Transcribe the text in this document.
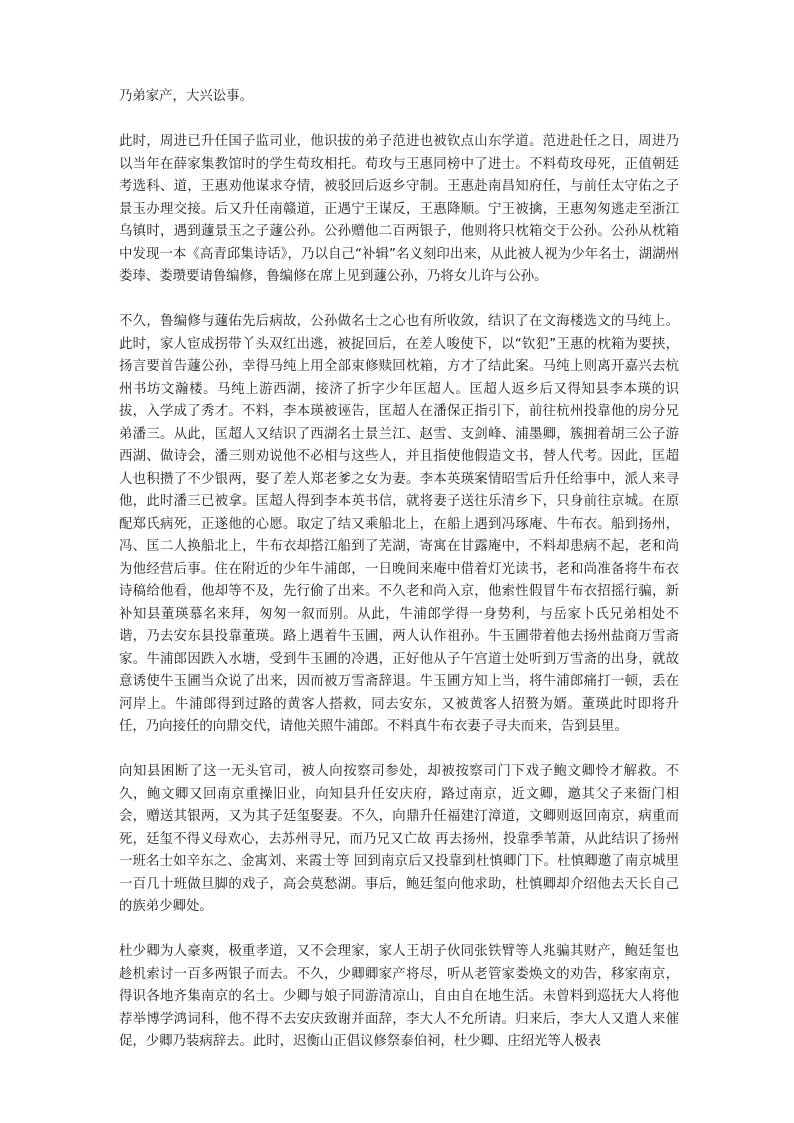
乃弟家产，大兴讼事。

此时，周进已升任国子监司业，他识拔的弟子范进也被钦点山东学道。范进赴任之日，周进乃以当年在薛家集教馆时的学生荀玫相托。荀玫与王惠同榜中了进士。不料荀玫母死，正值朝廷考选科、道，王惠劝他谋求夺情，被驳回后返乡守制。王惠赴南昌知府任，与前任太守佑之子景玉办理交接。后又升任南赣道，正遇宁王谋反，王惠降顺。宁王被擒，王惠匆匆逃走至浙江乌镇时，遇到蘧景玉之子蘧公孙。公孙赠他二百两银子，他则将只枕箱交于公孙。公孙从枕箱中发现一本《高青邱集诗话》，乃以自己“补辑”名义刻印出来，从此被人视为少年名士，湖湖州娄琫、娄瓒要请鲁编修，鲁编修在席上见到蘧公孙，乃将女儿许与公孙。

不久，鲁编修与蘧佑先后病故，公孙做名士之心也有所收敛，结识了在文海楼选文的马纯上。此时，家人宦成拐带丫头双红出逃，被捉回后，在差人唆使下，以“钦犯”王惠的枕箱为要挟，扬言要首告蘧公孙，幸得马纯上用全部束修赎回枕箱，方才了结此案。马纯上则离开嘉兴去杭州书坊文瀚楼。马纯上游西湖，接济了折字少年匡超人。匡超人返乡后又得知县李本瑛的识拔，入学成了秀才。不料，李本瑛被诬告，匡超人在潘保正指引下，前往杭州投靠他的房分兄弟潘三。从此，匡超人又结识了西湖名士景兰江、赵雪、支剑峰、浦墨卿，簇拥着胡三公子游西湖、做诗会，潘三则劝说他不必相与这些人，并且指使他假造文书，替人代考。因此，匡超人也积攒了不少银两，娶了差人郑老爹之女为妻。李本英瑛案情昭雪后升任给事中，派人来寻他，此时潘三已被拿。匡超人得到李本英书信，就将妻子送往乐清乡下，只身前往京城。在原配郑氏病死，正遂他的心愿。取定了结又乘船北上，在船上遇到冯琢庵、牛布衣。船到扬州，冯、匡二人换船北上，牛布衣却搭江船到了芜湖，寄寓在甘露庵中，不料却患病不起，老和尚为他经营后事。住在附近的少年牛浦郎，一日晚间来庵中借着灯光读书，老和尚准备将牛布衣诗稿给他看，他却等不及，先行偷了出来。不久老和尚入京，他索性假冒牛布衣招摇行骗，新补知县董瑛慕名来拜，匆匆一叙而别。从此，牛浦郎学得一身势利，与岳家卜氏兄弟相处不谐，乃去安东县投靠董瑛。路上遇着牛玉圃，两人认作祖孙。牛玉圃带着他去扬州盐商万雪斋家。牛浦郎因跌入水塘，受到牛玉圃的冷遇，正好他从子午宫道士处听到万雪斋的出身，就故意诱使牛玉圃当众说了出来，因而被万雪斋辞退。牛玉圃方知上当，将牛浦郎痛打一顿，丢在河岸上。牛浦郎得到过路的黄客人搭救，同去安东，又被黄客人招赘为婿。董瑛此时即将升任，乃向接任的向鼎交代，请他关照牛浦郎。不料真牛布衣妻子寻夫而来，告到县里。

向知县困断了这一无头官司，被人向按察司参处，却被按察司门下戏子鲍文卿怜才解救。不久，鲍文卿又回南京重操旧业，向知县升任安庆府，路过南京，近文卿，邀其父子来衙门相会，赠送其银两，又为其子廷玺娶妻。不久，向鼎升任福建汀漳道，文卿则返回南京，病重而死，廷玺不得义母欢心，去苏州寻兄，而乃兄又亡故 再去扬州，投靠季苇萧，从此结识了扬州一班名士如辛东之、金寓刘、来霞士等 回到南京后又投靠到杜慎卿门下。杜慎卿邀了南京城里一百几十班做旦脚的戏子，高会莫愁湖。事后，鲍廷玺向他求助，杜慎卿却介绍他去天长自己的族弟少卿处。

杜少卿为人豪爽，极重孝道，又不会理家，家人王胡子伙同张铁臂等人兆骗其财产，鲍廷玺也趁机索讨一百多两银子而去。不久，少卿卿家产将尽，听从老管家娄焕文的劝告，移家南京，得识各地齐集南京的名士。少卿与娘子同游清凉山，自由自在地生活。未曾料到巡抚大人将他荐举博学鸿词科，他不得不去安庆致谢并面辞，李大人不允所请。归来后，李大人又遣人来催促，少卿乃装病辞去。此时，迟衡山正倡议修祭泰伯祠，杜少卿、庄绍光等人极表
